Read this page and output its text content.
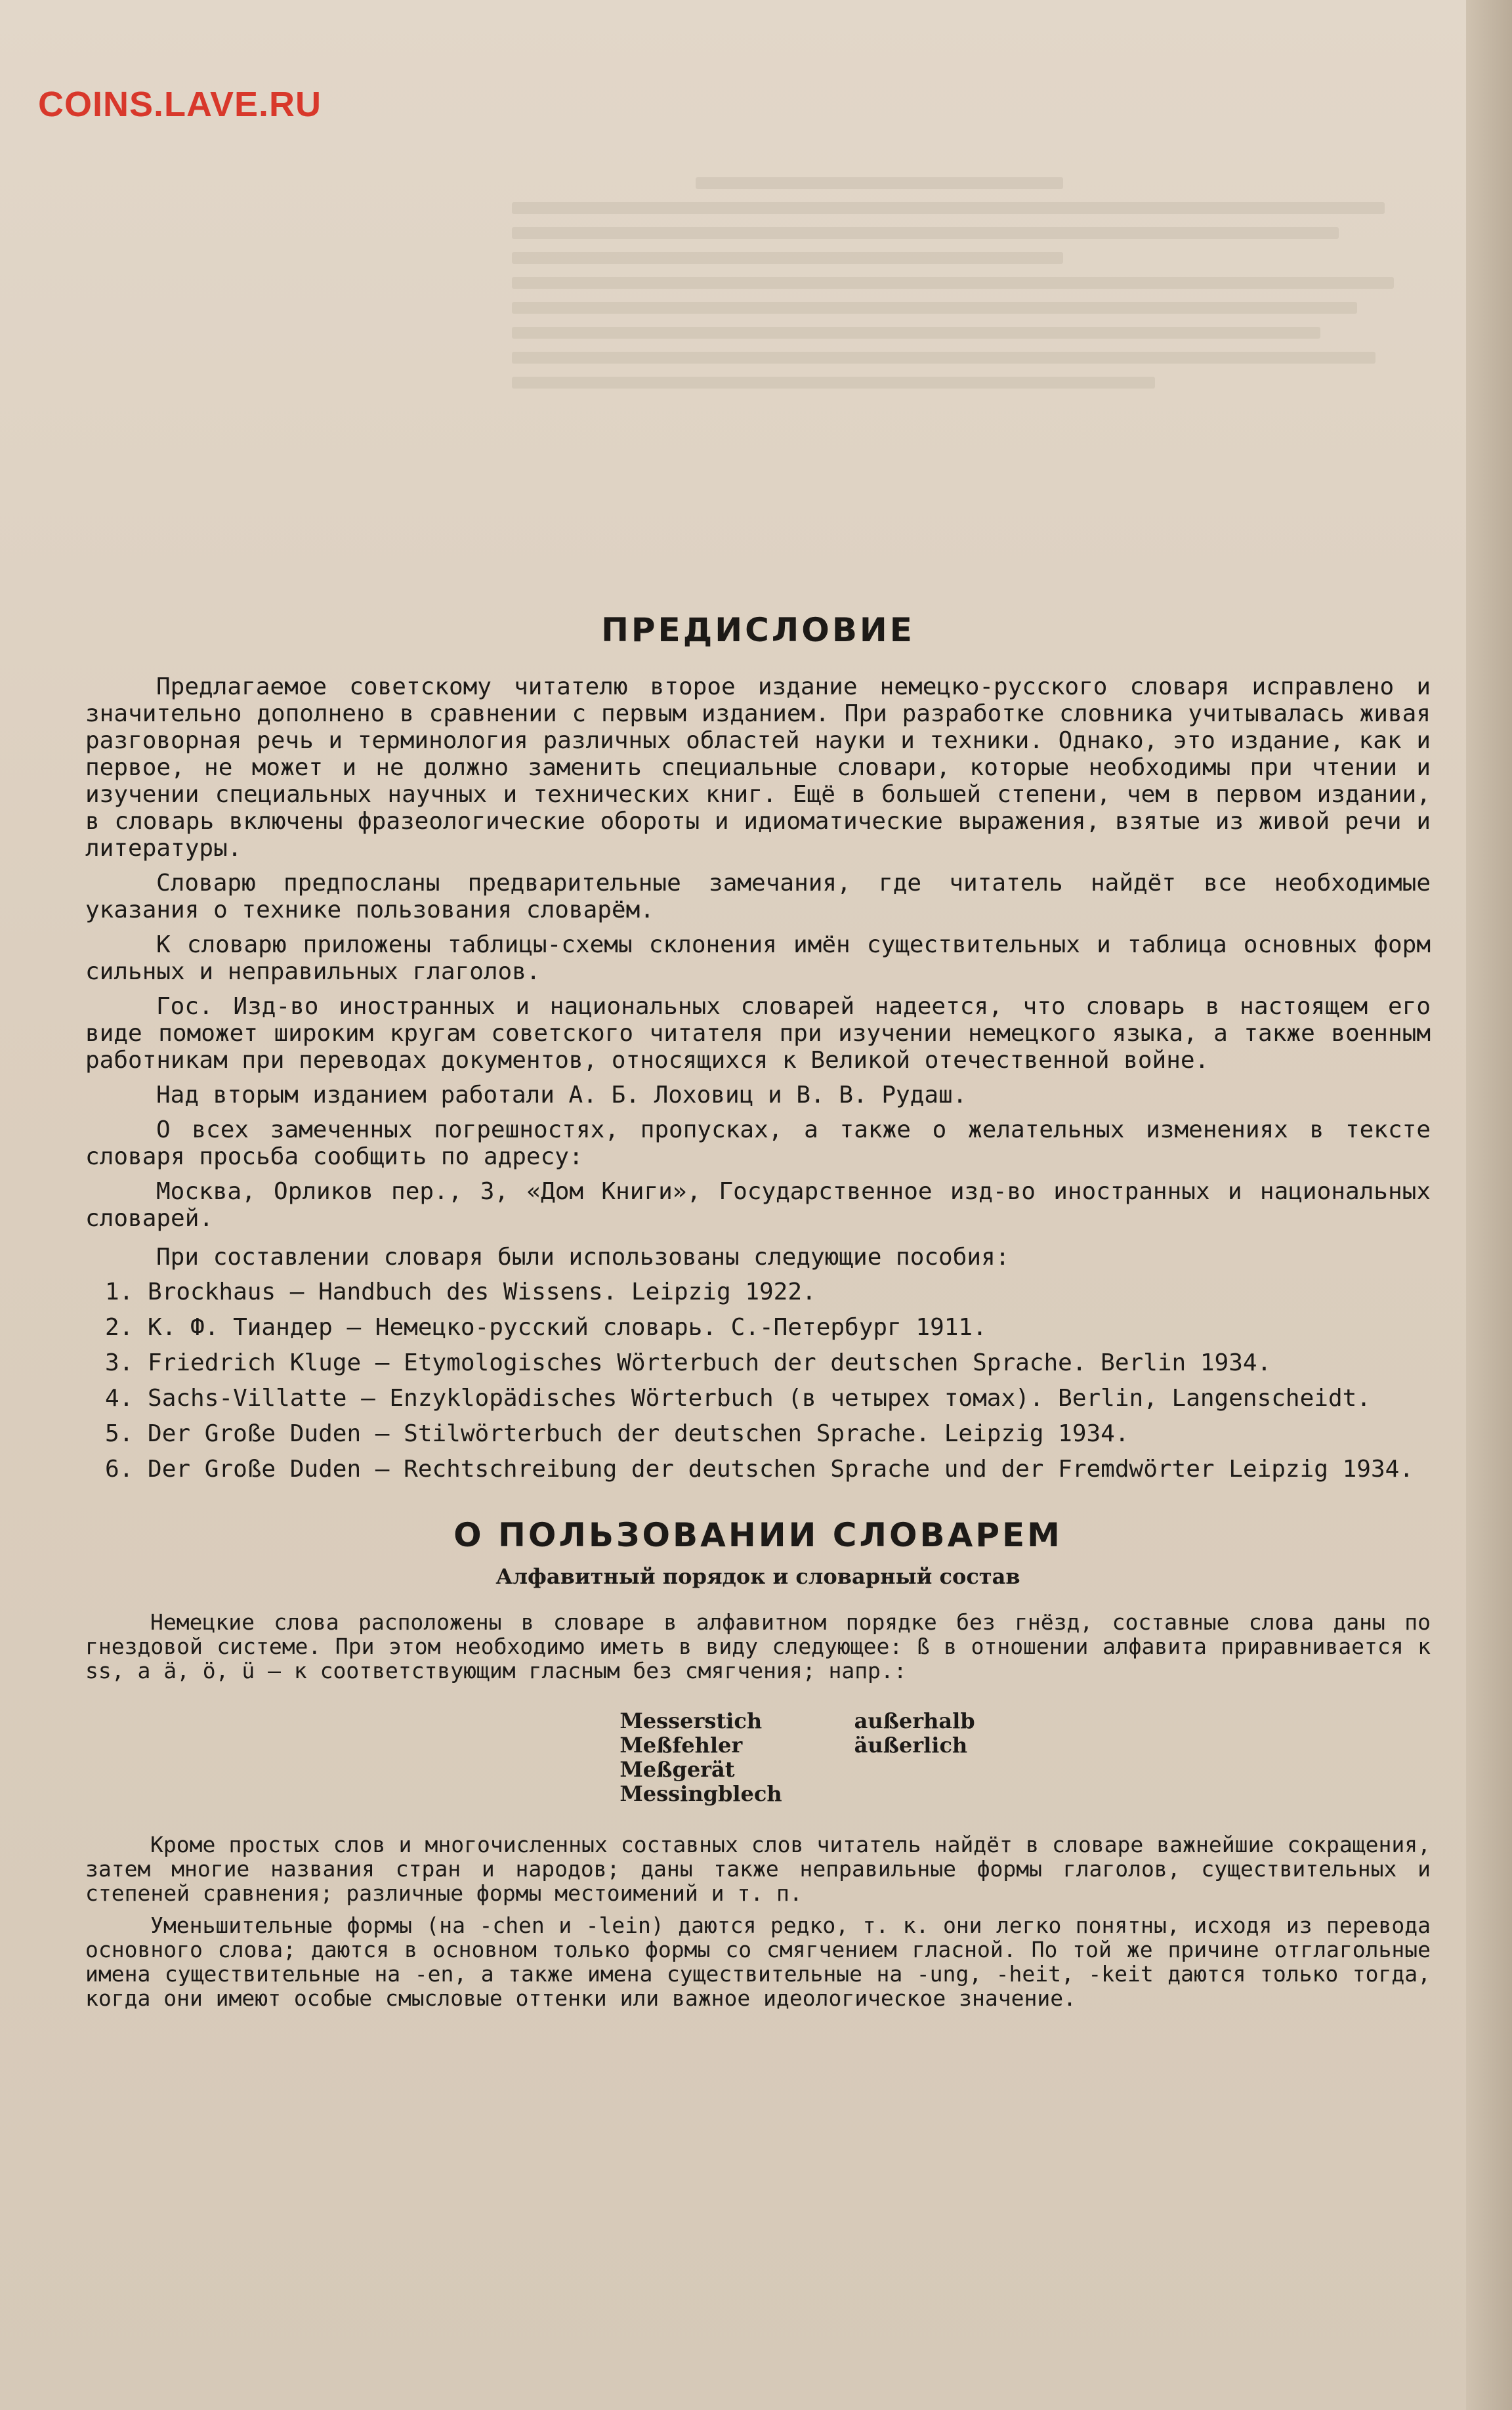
COINS.LAVE.RU
ПРЕДИСЛОВИЕ

Предлагаемое советскому читателю второе издание немецко-русского словаря исправлено и значительно дополнено в сравнении с первым изданием. При разработке словника учитывалась живая разговорная речь и терминология различных областей науки и техники. Однако, это издание, как и первое, не может и не должно заменить специальные словари, которые необходимы при чтении и изучении специальных научных и технических книг. Ещё в большей степени, чем в первом издании, в словарь включены фразеологические обороты и идиоматические выражения, взятые из живой речи и литературы.

Словарю предпосланы предварительные замечания, где читатель найдёт все необходимые указания о технике пользования словарём.

К словарю приложены таблицы-схемы склонения имён существительных и таблица основных форм сильных и неправильных глаголов.

Гос. Изд-во иностранных и национальных словарей надеется, что словарь в настоящем его виде поможет широким кругам советского читателя при изучении немецкого языка, а также военным работникам при переводах документов, относящихся к Великой отечественной войне.

Над вторым изданием работали А. Б. Лоховиц и В. В. Рудаш.

О всех замеченных погрешностях, пропусках, а также о желательных изменениях в тексте словаря просьба сообщить по адресу:

Москва, Орликов пер., 3, «Дом Книги», Государственное изд-во иностранных и национальных словарей.

При составлении словаря были использованы следующие пособия:

1. Brockhaus — Handbuch des Wissens. Leipzig 1922.
2. К. Ф. Тиандер — Немецко-русский словарь. С.-Петербург 1911.
3. Friedrich Kluge — Etymologisches Wörterbuch der deutschen Sprache. Berlin 1934.
4. Sachs-Villatte — Enzyklopädisches Wörterbuch (в четырех томах). Berlin, Langenscheidt.
5. Der Große Duden — Stilwörterbuch der deutschen Sprache. Leipzig 1934.
6. Der Große Duden — Rechtschreibung der deutschen Sprache und der Fremdwörter Leipzig 1934.
О ПОЛЬЗОВАНИИ СЛОВАРЕМ
Алфавитный порядок и словарный состав

Немецкие слова расположены в словаре в алфавитном порядке без гнёзд, составные слова даны по гнездовой системе. При этом необходимо иметь в виду следующее: ß в отношении алфавита приравнивается к ss, а ä, ö, ü — к соответствующим гласным без смягчения; напр.:

Messerstich
Meßfehler
Meßgerät
Messingblech
außerhalb
äußerlich

Кроме простых слов и многочисленных составных слов читатель найдёт в словаре важнейшие сокращения, затем многие названия стран и народов; даны также неправильные формы глаголов, существительных и степеней сравнения; различные формы местоимений и т. п.

Уменьшительные формы (на -chen и -lein) даются редко, т. к. они легко понятны, исходя из перевода основного слова; даются в основном только формы со смягчением гласной. По той же причине отглагольные имена существительные на -en, а также имена существительные на -ung, -heit, -keit даются только тогда, когда они имеют особые смысловые оттенки или важное идеологическое значение.
